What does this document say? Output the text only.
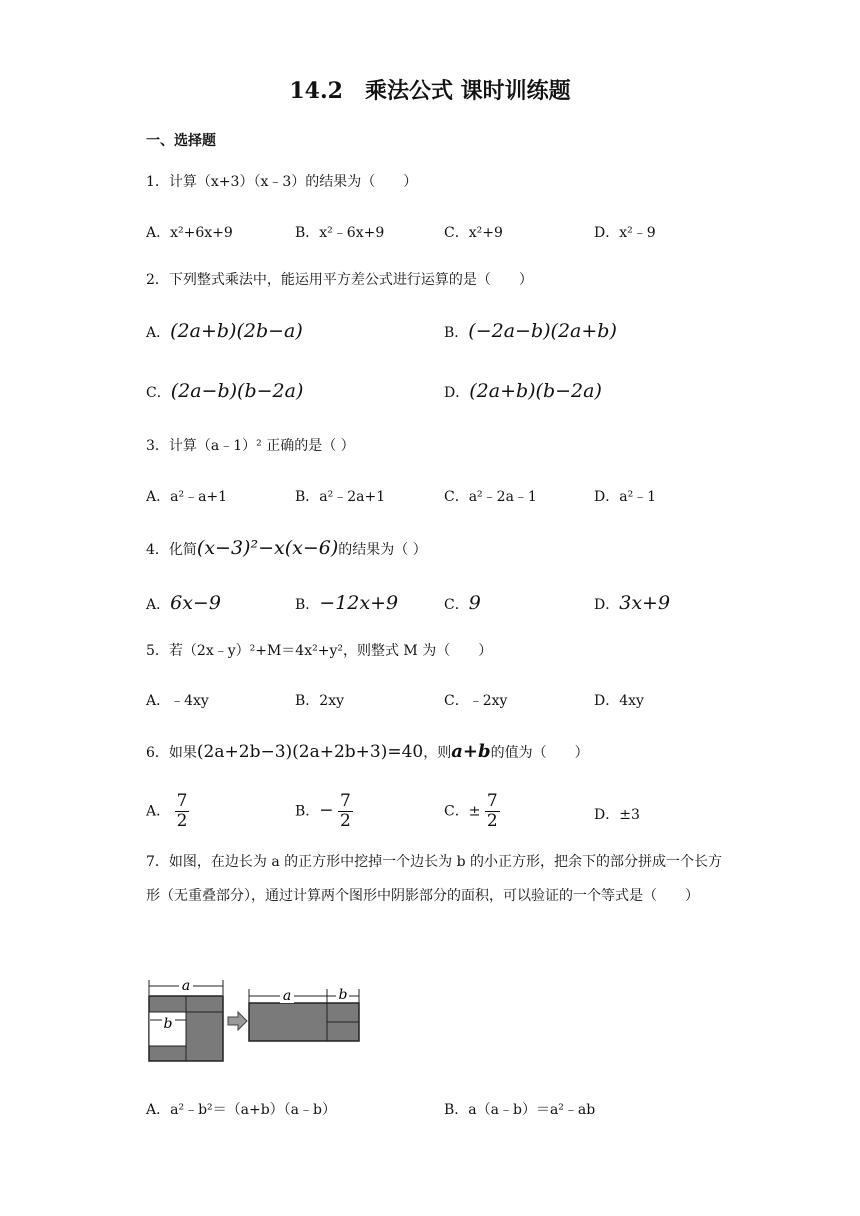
14.2　乘法公式 课时训练题
一、选择题
1．计算（x+3）（x﹣3）的结果为（　　）
A．x²+6x+9	B．x²﹣6x+9	C．x²+9	D．x²﹣9
2．下列整式乘法中，能运用平方差公式进行运算的是（　　）
A．(2a+b)(2b−a)	B．(−2a−b)(2a+b)
C．(2a−b)(b−2a)	D．(2a+b)(b−2a)
3．计算（a﹣1）² 正确的是（ ）
A．a²﹣a+1	B．a²﹣2a+1	C．a²﹣2a﹣1	D．a²﹣1
4．化简(x−3)²−x(x−6)的结果为（ ）
A．6x−9	B．−12x+9	C．9	D．3x+9
5．若（2x﹣y）²+M＝4x²+y²，则整式 M 为（　　）
A．﹣4xy	B．2xy	C．﹣2xy	D．4xy
6．如果(2a+2b−3)(2a+2b+3)=40，则a+b的值为（　　）
A． $\frac{7}{2}$	B．− $\frac{7}{2}$	C．± $\frac{7}{2}$	D．±3
7．如图，在边长为 a 的正方形中挖掉一个边长为 b 的小正方形，把余下的部分拼成一个长方形（无重叠部分），通过计算两个图形中阴影部分的面积，可以验证的一个等式是（　　）
a
b
a	b
A．a²﹣b²＝（a+b）（a﹣b）	B．a（a﹣b）＝a²﹣ab
